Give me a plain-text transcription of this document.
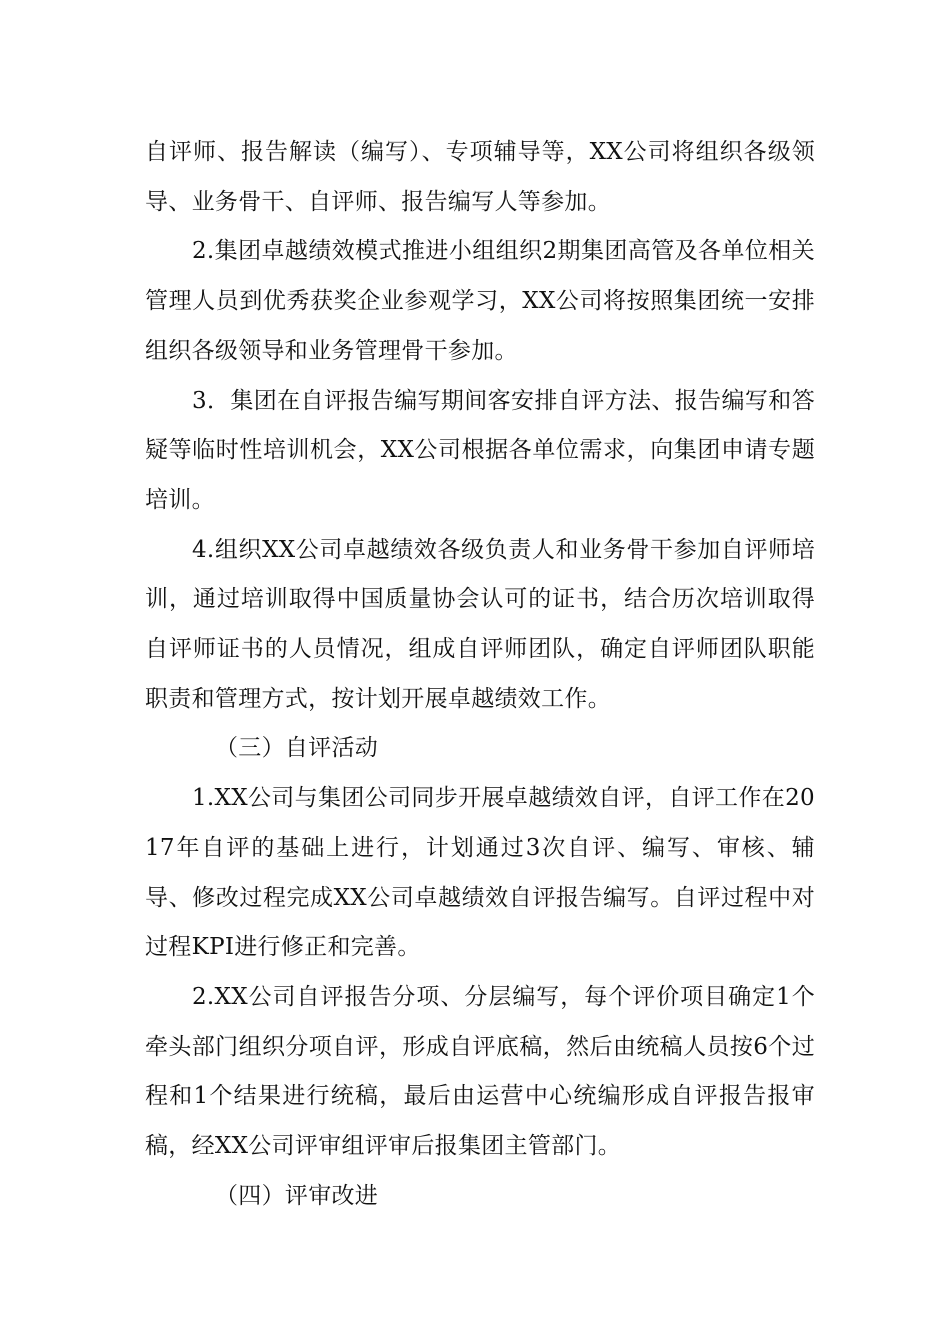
自评师、报告解读（编写）、专项辅导等，XX公司将组织各级领导、业务骨干、自评师、报告编写人等参加。

2.集团卓越绩效模式推进小组组织2期集团高管及各单位相关管理人员到优秀获奖企业参观学习，XX公司将按照集团统一安排组织各级领导和业务管理骨干参加。

3．集团在自评报告编写期间客安排自评方法、报告编写和答疑等临时性培训机会，XX公司根据各单位需求，向集团申请专题培训。

4.组织XX公司卓越绩效各级负责人和业务骨干参加自评师培训，通过培训取得中国质量协会认可的证书，结合历次培训取得自评师证书的人员情况，组成自评师团队，确定自评师团队职能职责和管理方式，按计划开展卓越绩效工作。

（三）自评活动

1.XX公司与集团公司同步开展卓越绩效自评，自评工作在2017年自评的基础上进行，计划通过3次自评、编写、审核、辅导、修改过程完成XX公司卓越绩效自评报告编写。自评过程中对过程KPI进行修正和完善。

2.XX公司自评报告分项、分层编写，每个评价项目确定1个牵头部门组织分项自评，形成自评底稿，然后由统稿人员按6个过程和1个结果进行统稿，最后由运营中心统编形成自评报告报审稿，经XX公司评审组评审后报集团主管部门。

（四）评审改进
